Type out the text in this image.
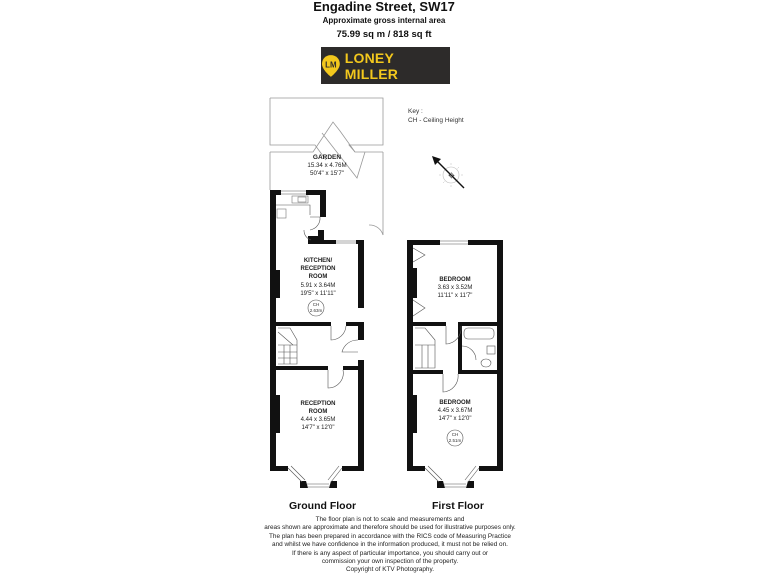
Engadine Street, SW17
Approximate gross internal area
75.99 sq m / 818 sq ft
LM LONEY MILLER
Key :
CH - Ceiling Height
N
GARDEN
15.34 x 4.76M
50'4" x 15'7"
CH
2.63m
KITCHEN/
RECEPTION
ROOM
5.91 x 3.64M
19'5" x 11'11"
RECEPTION
ROOM
4.44 x 3.65M
14'7" x 12'0"
CH
2.51m
BEDROOM
3.63 x 3.52M
11'11" x 11'7"
BEDROOM
4.45 x 3.67M
14'7" x 12'0"
Ground Floor	First Floor
The floor plan is not to scale and measurements and
areas shown are approximate and therefore should be used for illustrative purposes only.
The plan has been prepared in accordance with the RICS code of Measuring Practice
and whilst we have confidence in the information produced, it must not be relied on.
If there is any aspect of particular importance, you should carry out or
commission your own inspection of the property.
Copyright of KTV Photography.
